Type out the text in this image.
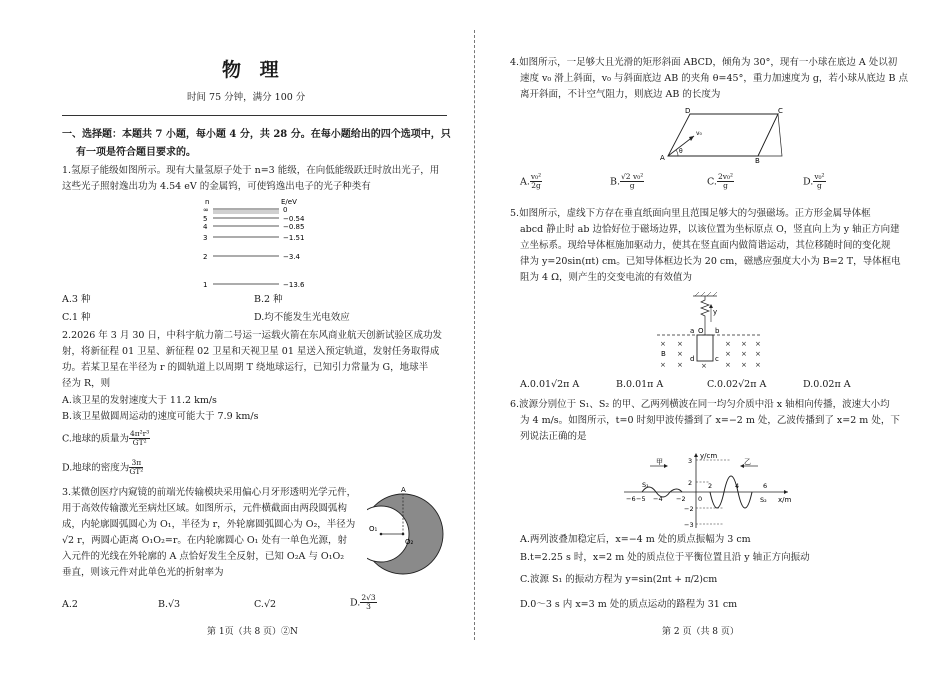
物 理
时间 75 分钟，满分 100 分
一、选择题：本题共 7 小题，每小题 4 分，共 28 分。在每小题给出的四个选项中，只
有一项是符合题目要求的。
1.氢原子能级如图所示。现有大量氢原子处于 n=3 能级，在向低能级跃迁时放出光子，用
这些光子照射逸出功为 4.54 eV 的金属钨，可使钨逸出电子的光子种类有
n	E/eV
∞	0
5	−0.54
4	−0.85
3	−1.51
2	−3.4
1	−13.6
A.3 种	B.2 种
C.1 种	D.均不能发生光电效应
2.2026 年 3 月 30 日，中科宇航力箭二号运一运载火箭在东风商业航天创新试验区成功发
射，将新征程 01 卫星、新征程 02 卫星和天视卫星 01 星送入预定轨道，发射任务取得成
功。若某卫星在半径为 r 的圆轨道上以周期 T 绕地球运行，已知引力常量为 G，地球半
径为 R，则
A.该卫星的发射速度大于 11.2 km/s
B.该卫星做圆周运动的速度可能大于 7.9 km/s
C.地球的质量为 $\frac{\text{4π²r³}}{\text{GT²}}$
D.地球的密度为 $\frac{3\pi}{\text{GT²}}$
3.某微创医疗内窥镜的前端光传输模块采用偏心月牙形透明光学元件，
用于高效传输激光至病灶区域。如图所示，元件横截面由两段圆弧构
成，内轮廓圆弧圆心为 O₁，半径为 r，外轮廓圆弧圆心为 O₂，半径为
√2 r，两圆心距离 O₁O₂=r。在内轮廓圆心 O₁ 处有一单色光源，射
入元件的光线在外轮廓的 A 点恰好发生全反射，已知 O₂A 与 O₁O₂
垂直，则该元件对此单色光的折射率为
A
O₁
O₂
A.2	B.√3	C.√2	D. $\frac{2√3}{3}$
第 1页（共 8 页）②N
4.如图所示，一足够大且光滑的矩形斜面 ABCD，倾角为 30°，现有一小球在底边 A 处以初
速度 v₀ 滑上斜面，v₀ 与斜面底边 AB 的夹角 θ=45°，重力加速度为 g，若小球从底边 B 点
离开斜面，不计空气阻力，则底边 AB 的长度为
A	B
C
D
v₀
θ
A. $\frac{\text{v₀²}}{2g}$	B. $\frac{\text{√2 v₀²}}{g}$	C. $\frac{\text{2v₀²}}{g}$	D. $\frac{\text{v₀²}}{g}$
5.如图所示，虚线下方存在垂直纸面向里且范围足够大的匀强磁场。正方形金属导体框
abcd 静止时 ab 边恰好位于磁场边界，以该位置为坐标原点 O，竖直向上为 y 轴正方向建
立坐标系。现给导体框施加驱动力，使其在竖直面内做简谐运动，其位移随时间的变化规
律为 y=20sin(πt) cm。已知导体框边长为 20 cm，磁感应强度大小为 B=2 T，导体框电
阻为 4 Ω，则产生的交变电流的有效值为
y
O
a	b
c
d
B
× ×	× × ×
×	× × ×
× ×	×	× × ×
A.0.01√2π A	B.0.01π A	C.0.02√2π A	D.0.02π A
6.波源分别位于 S₁、S₂ 的甲、乙两列横波在同一均匀介质中沿 x 轴相向传播，波速大小均
为 4 m/s。如图所示，t=0 时刻甲波传播到了 x=−2 m 处，乙波传播到了 x=2 m 处，下
列说法正确的是
y/cm
x/m
甲	乙
S₁
S₂
3
2
−2
−3
−6 −5 −4 −2 0
2	4	6
A.两列波叠加稳定后，x=−4 m 处的质点振幅为 3 cm
B.t=2.25 s 时，x=2 m 处的质点位于平衡位置且沿 y 轴正方向振动
C.波源 S₁ 的振动方程为 y=sin(2πt + π/2)cm
D.0～3 s 内 x=3 m 处的质点运动的路程为 31 cm
第 2 页（共 8 页）
